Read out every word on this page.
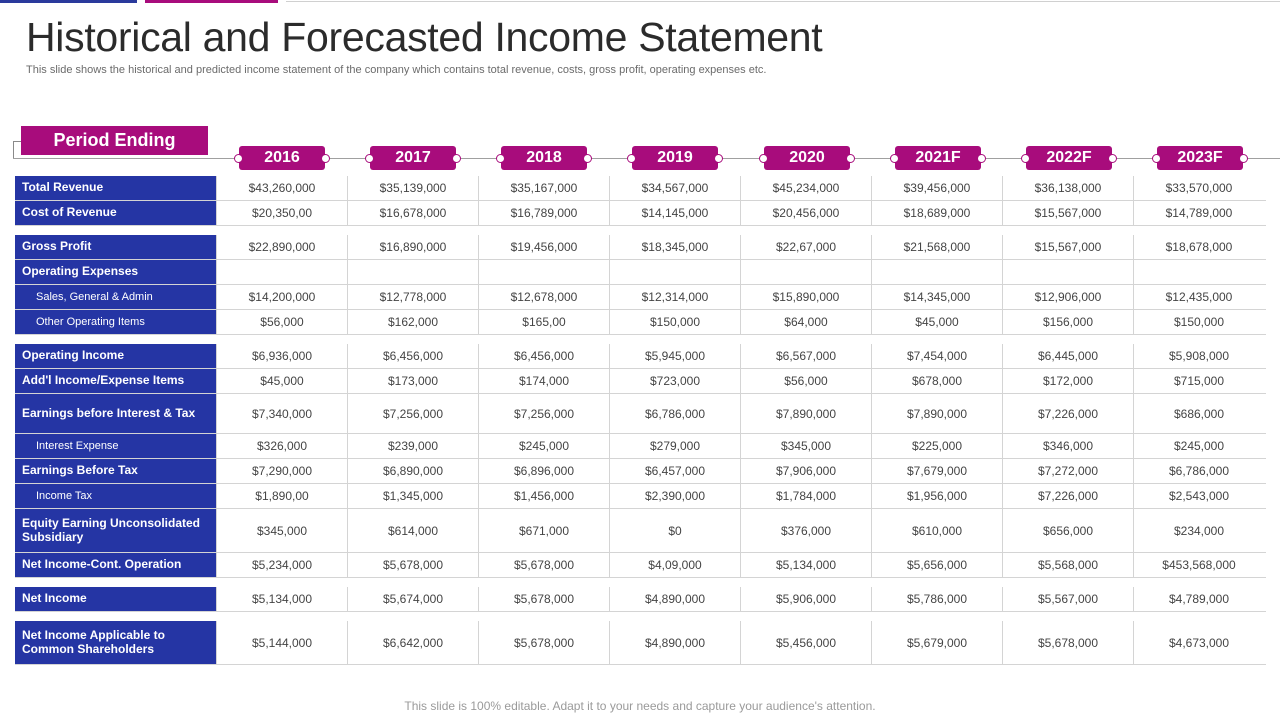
Historical and Forecasted Income Statement
This slide shows the historical and predicted income statement of the company which contains total revenue, costs, gross profit, operating expenses etc.
Period Ending
2016	2017	2018	2019	2020	2021F	2022F	2023F
Total Revenue	$43,260,000	$35,139,000	$35,167,000	$34,567,000	$45,234,000	$39,456,000	$36,138,000	$33,570,000
Cost of Revenue	$20,350,00	$16,678,000	$16,789,000	$14,145,000	$20,456,000	$18,689,000	$15,567,000	$14,789,000
Gross Profit	$22,890,000	$16,890,000	$19,456,000	$18,345,000	$22,67,000	$21,568,000	$15,567,000	$18,678,000
Operating Expenses
Sales, General & Admin	$14,200,000	$12,778,000	$12,678,000	$12,314,000	$15,890,000	$14,345,000	$12,906,000	$12,435,000
Other Operating Items	$56,000	$162,000	$165,00	$150,000	$64,000	$45,000	$156,000	$150,000
Operating Income	$6,936,000	$6,456,000	$6,456,000	$5,945,000	$6,567,000	$7,454,000	$6,445,000	$5,908,000
Add'l Income/Expense Items	$45,000	$173,000	$174,000	$723,000	$56,000	$678,000	$172,000	$715,000
Earnings before Interest & Tax	$7,340,000	$7,256,000	$7,256,000	$6,786,000	$7,890,000	$7,890,000	$7,226,000	$686,000
Interest Expense	$326,000	$239,000	$245,000	$279,000	$345,000	$225,000	$346,000	$245,000
Earnings Before Tax	$7,290,000	$6,890,000	$6,896,000	$6,457,000	$7,906,000	$7,679,000	$7,272,000	$6,786,000
Income Tax	$1,890,00	$1,345,000	$1,456,000	$2,390,000	$1,784,000	$1,956,000	$7,226,000	$2,543,000
Equity Earning Unconsolidated Subsidiary	$345,000	$614,000	$671,000	$0	$376,000	$610,000	$656,000	$234,000
Net Income-Cont. Operation	$5,234,000	$5,678,000	$5,678,000	$4,09,000	$5,134,000	$5,656,000	$5,568,000	$453,568,000
Net Income	$5,134,000	$5,674,000	$5,678,000	$4,890,000	$5,906,000	$5,786,000	$5,567,000	$4,789,000
Net Income Applicable to Common Shareholders	$5,144,000	$6,642,000	$5,678,000	$4,890,000	$5,456,000	$5,679,000	$5,678,000	$4,673,000
This slide is 100% editable. Adapt it to your needs and capture your audience's attention.
